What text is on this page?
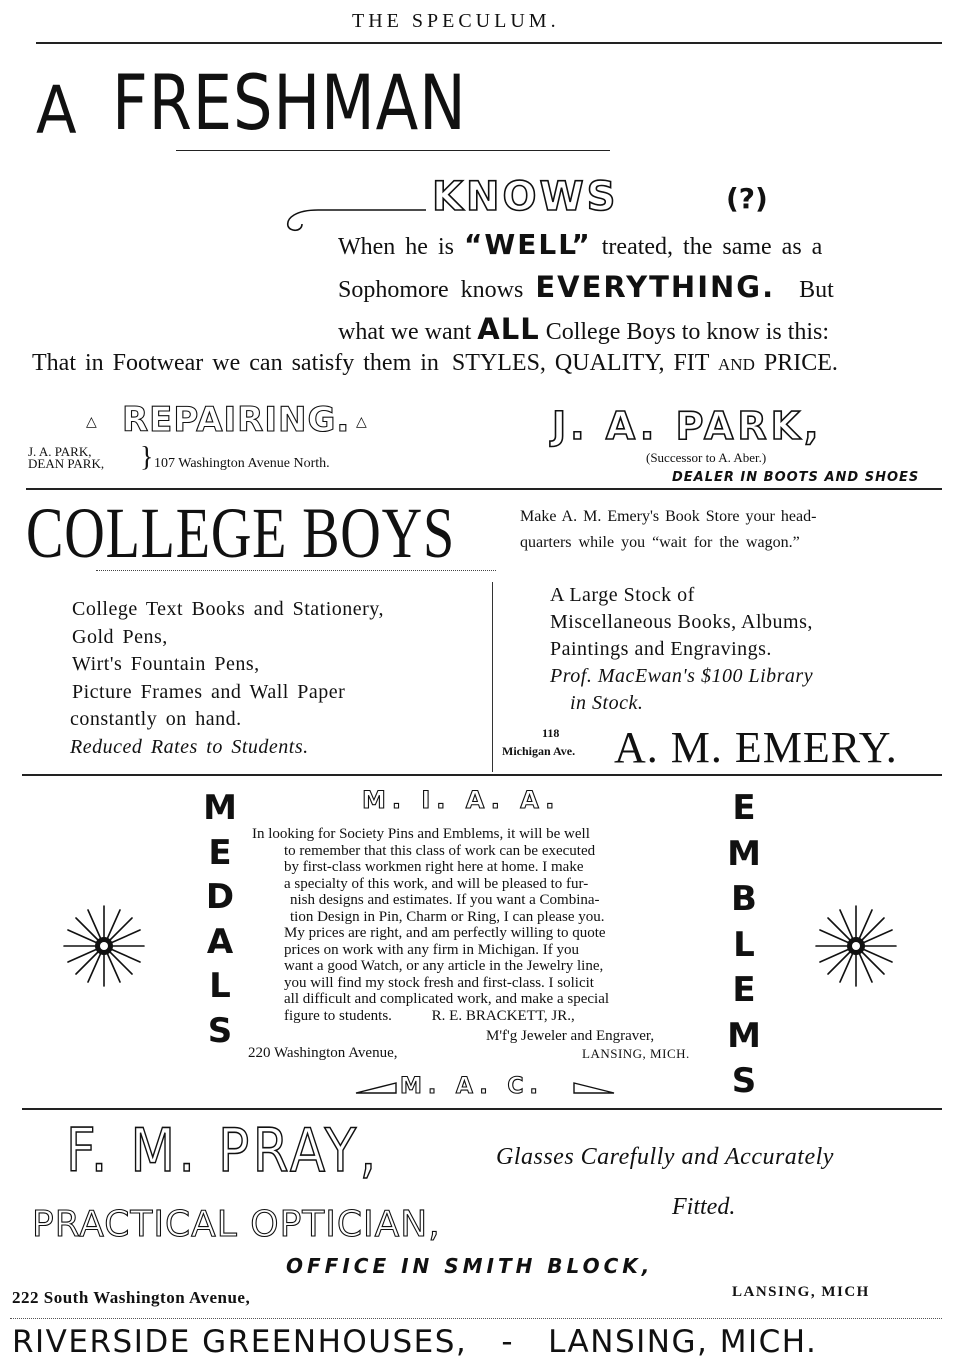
THE SPECULUM.
A FRESHMAN
KNOWS	(?)
When he is “WELL” treated, the same as a
Sophomore knows EVERYTHING. But
what we want ALL College Boys to know is this:
That in Footwear we can satisfy them in STYLES, QUALITY, FIT and PRICE.
△ REPAIRING. △
J. A. PARK,
DEAN PARK, } 107 Washington Avenue North.
J. A. PARK,
(Successor to A. Aber.)
DEALER IN BOOTS AND SHOES
COLLEGE BOYS	Make A. M. Emery's Book Store your head-
quarters while you “wait for the wagon.”
College Text Books and Stationery,
Gold Pens,
Wirt's Fountain Pens,
Picture Frames and Wall Paper
constantly on hand.
Reduced Rates to Students.
A Large Stock of
Miscellaneous Books, Albums,
Paintings and Engravings.
Prof. MacEwan's $100 Library
in Stock.
118
Michigan Ave. A. M. EMERY.
M. I. A. A.
M
E
D
A
L
S
E
M
B
L
E
M
S
In looking for Society Pins and Emblems, it will be well
to remember that this class of work can be executed
by first-class workmen right here at home. I make
a specialty of this work, and will be pleased to fur-
nish designs and estimates. If you want a Combina-
tion Design in Pin, Charm or Ring, I can please you.
My prices are right, and am perfectly willing to quote
prices on work with any firm in Michigan. If you
want a good Watch, or any article in the Jewelry line,
you will find my stock fresh and first-class. I solicit
all difficult and complicated work, and make a special
figure to students.	R. E. BRACKETT, JR.,
M'f'g Jeweler and Engraver,
220 Washington Avenue,	LANSING, MICH.
M. A. C.
F. M. PRAY,	Glasses Carefully and Accurately
Fitted.
PRACTICAL OPTICIAN,
OFFICE IN SMITH BLOCK,
222 South Washington Avenue,	LANSING, MICH
RIVERSIDE GREENHOUSES,   -   LANSING, MICH.
